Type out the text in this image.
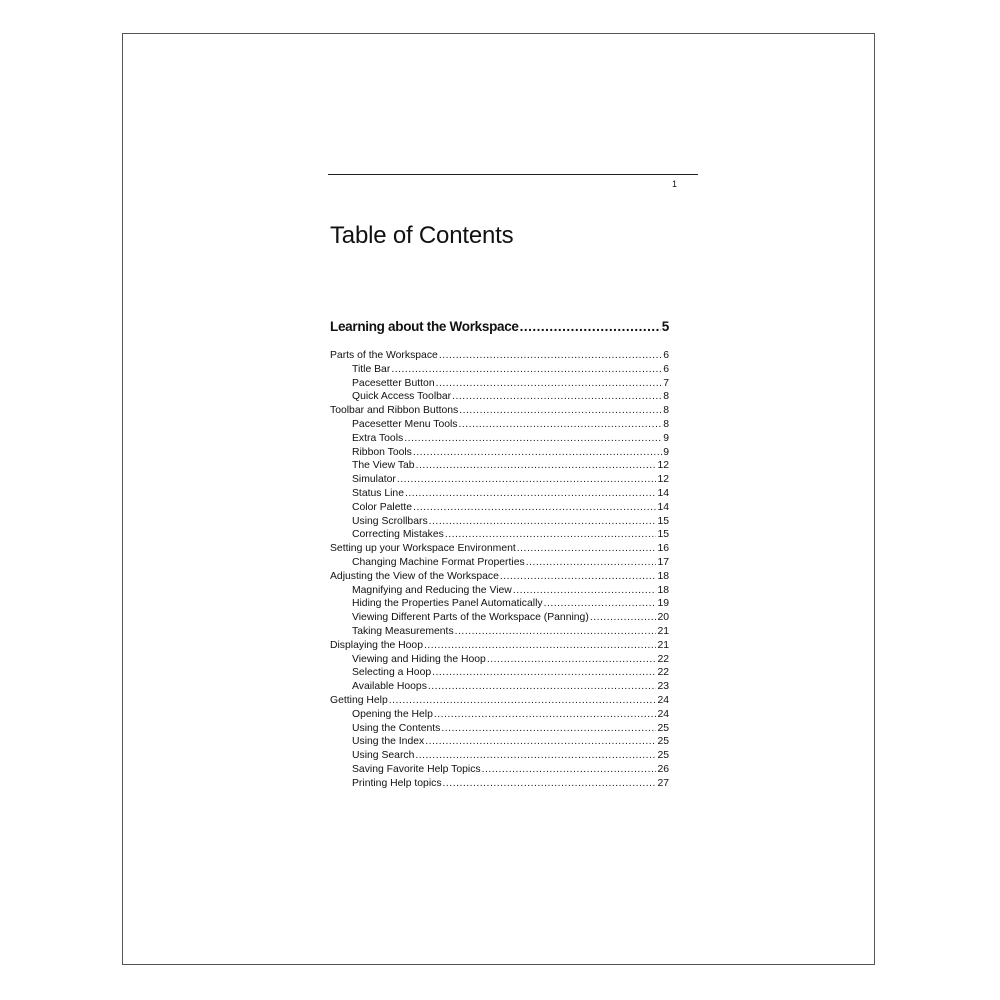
1
Table of Contents
Learning about the Workspace .....	5
Parts of the Workspace .....	6
Title Bar .....	6
Pacesetter Button .....	7
Quick Access Toolbar .....	8
Toolbar and Ribbon Buttons .....	8
Pacesetter Menu Tools .....	8
Extra Tools .....	9
Ribbon Tools .....	9
The View Tab .....	12
Simulator .....	12
Status Line .....	14
Color Palette .....	14
Using Scrollbars .....	15
Correcting Mistakes .....	15
Setting up your Workspace Environment .....	16
Changing Machine Format Properties .....	17
Adjusting the View of the Workspace .....	18
Magnifying and Reducing the View .....	18
Hiding the Properties Panel Automatically .....	19
Viewing Different Parts of the Workspace (Panning) .....	20
Taking Measurements .....	21
Displaying the Hoop .....	21
Viewing and Hiding the Hoop .....	22
Selecting a Hoop .....	22
Available Hoops .....	23
Getting Help .....	24
Opening the Help .....	24
Using the Contents .....	25
Using the Index .....	25
Using Search .....	25
Saving Favorite Help Topics .....	26
Printing Help topics .....	27
